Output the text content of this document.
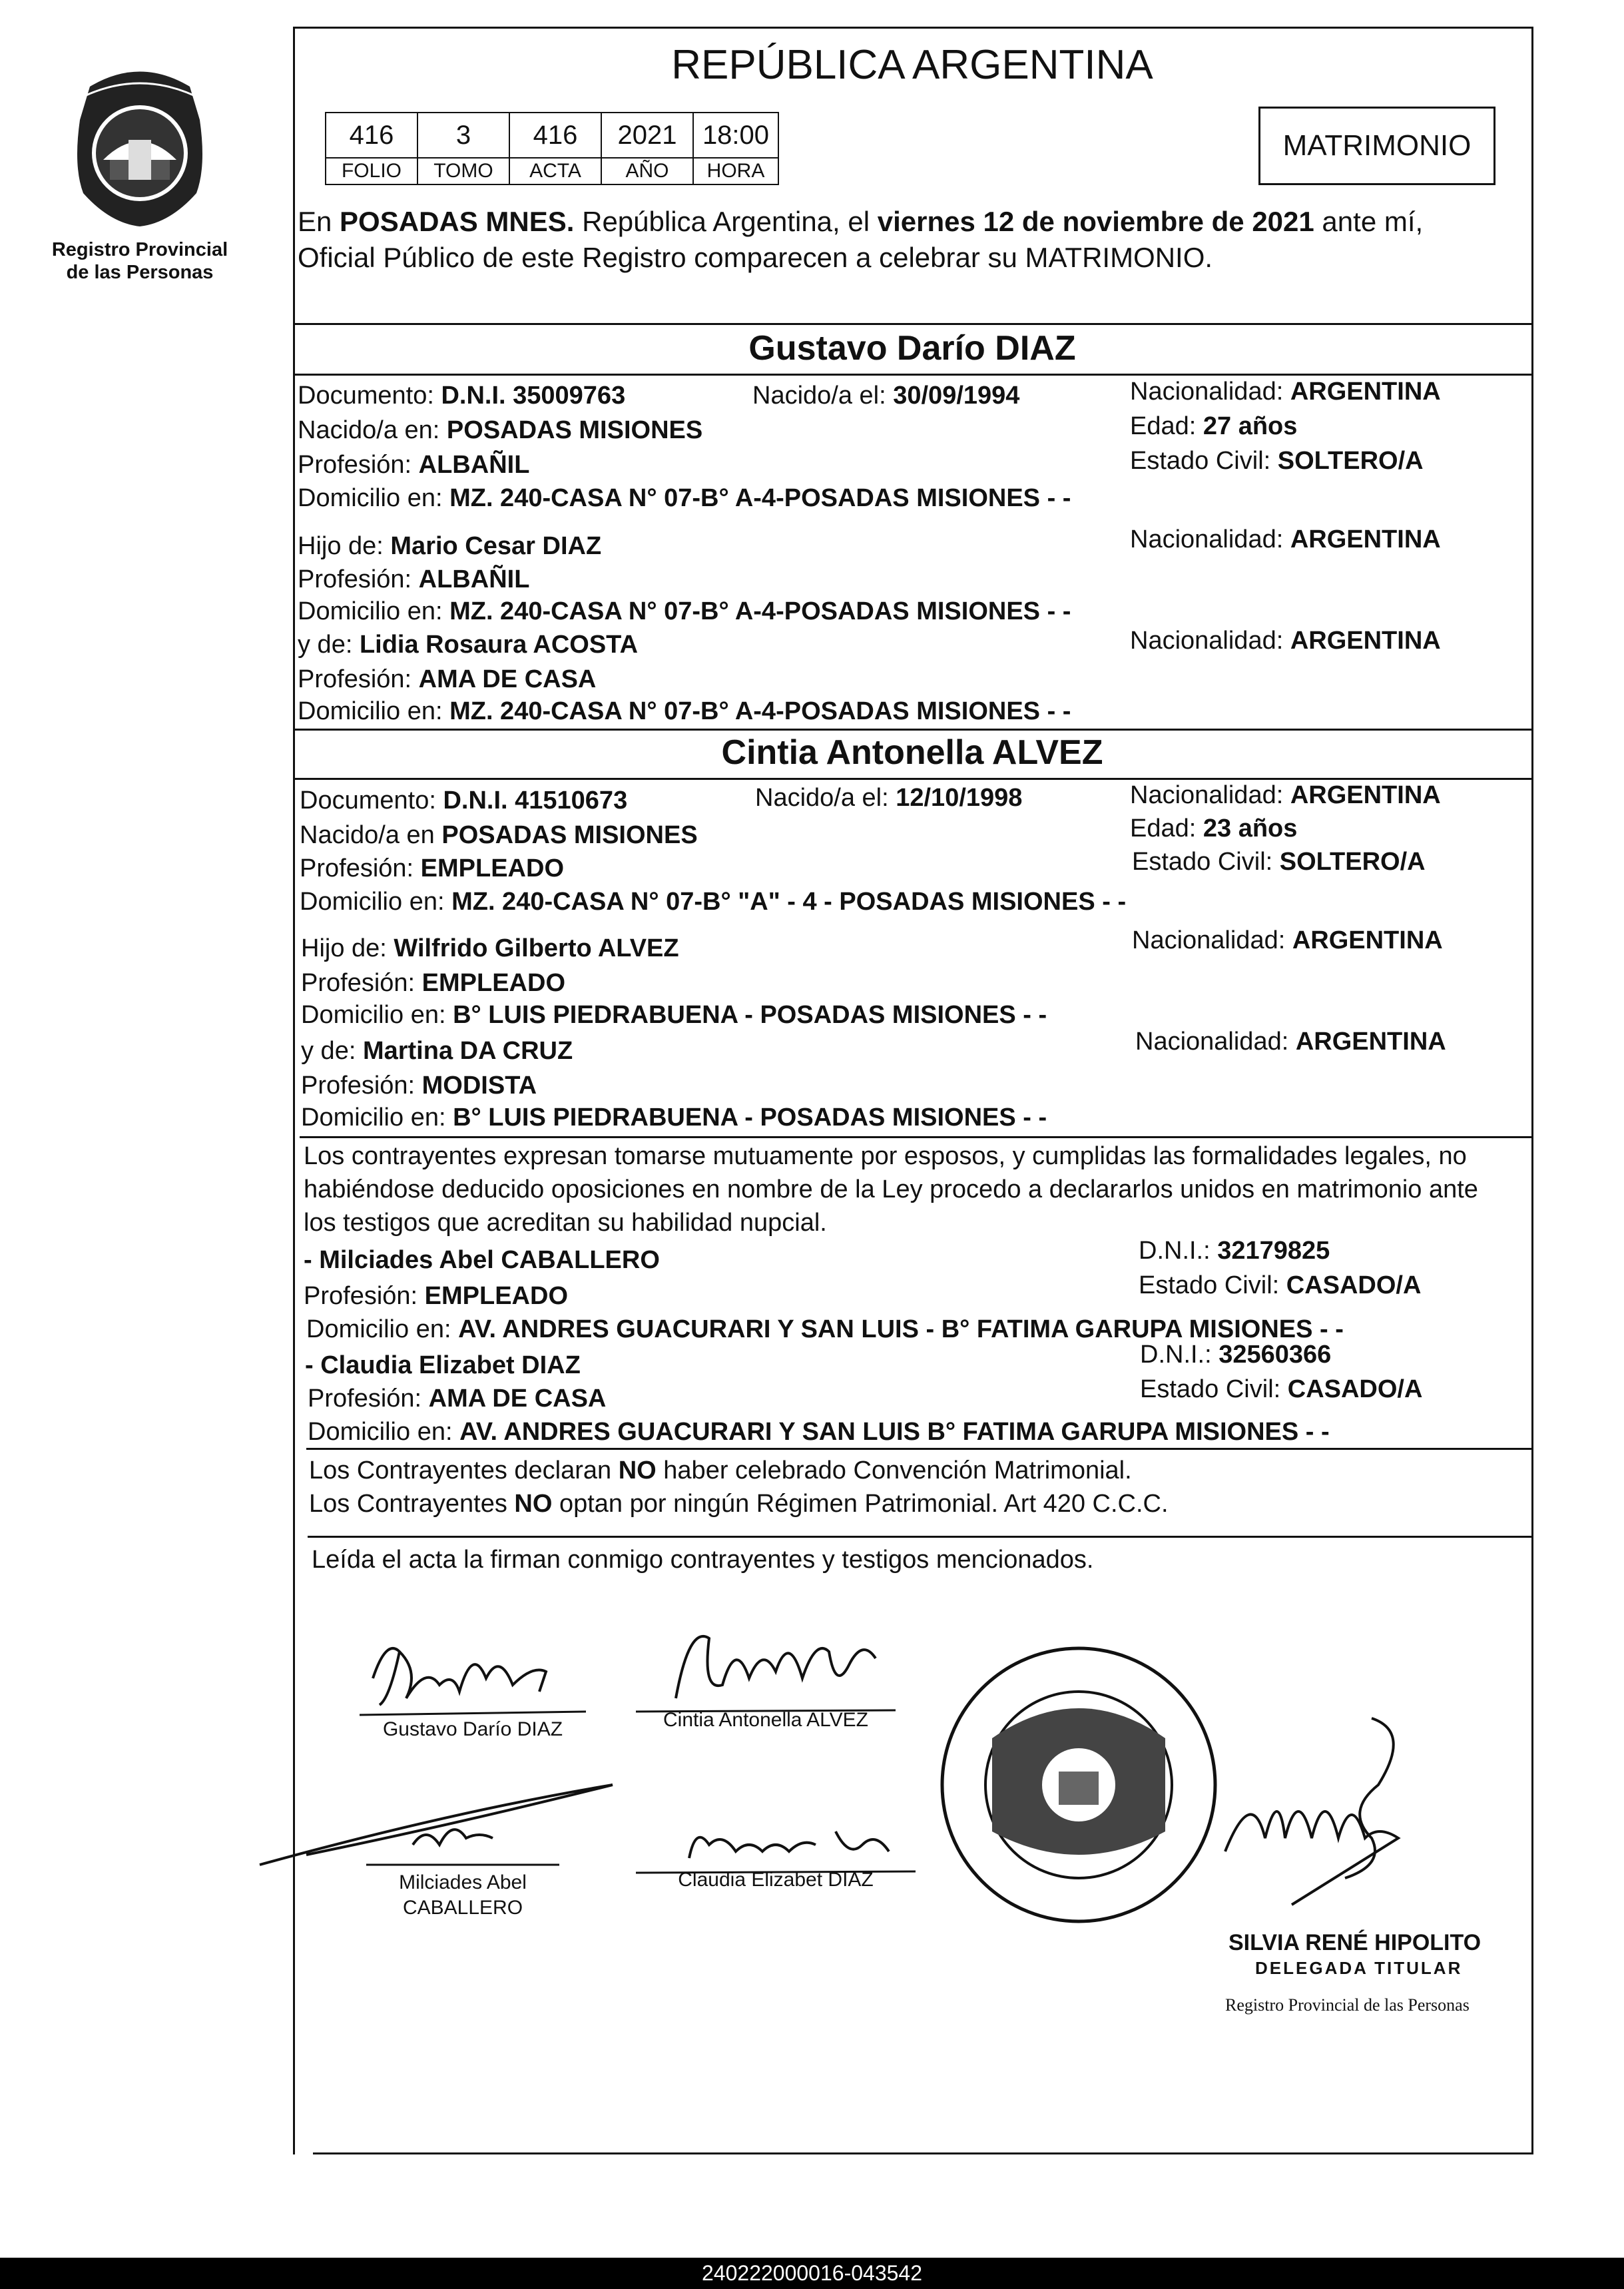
Registro Provincial
de las Personas
REPÚBLICA ARGENTINA
416	3	416	2021	18:00
FOLIO	TOMO	ACTA	AÑO	HORA
MATRIMONIO
En POSADAS MNES. República Argentina, el viernes 12 de noviembre de 2021 ante mí,
Oficial Público de este Registro comparecen a celebrar su MATRIMONIO.
Gustavo Darío DIAZ
Documento: D.N.I. 35009763	Nacido/a el: 30/09/1994	Nacionalidad: ARGENTINA
Nacido/a en: POSADAS MISIONES	Edad: 27 años
Profesión: ALBAÑIL	Estado Civil: SOLTERO/A
Domicilio en: MZ. 240-CASA N° 07-B° A-4-POSADAS MISIONES - -
Hijo de: Mario Cesar DIAZ	Nacionalidad: ARGENTINA
Profesión: ALBAÑIL
Domicilio en: MZ. 240-CASA N° 07-B° A-4-POSADAS MISIONES - -
y de: Lidia Rosaura ACOSTA	Nacionalidad: ARGENTINA
Profesión: AMA DE CASA
Domicilio en: MZ. 240-CASA N° 07-B° A-4-POSADAS MISIONES - -
Cintia Antonella ALVEZ
Documento: D.N.I. 41510673	Nacido/a el: 12/10/1998	Nacionalidad: ARGENTINA
Nacido/a en POSADAS MISIONES	Edad: 23 años
Profesión: EMPLEADO	Estado Civil: SOLTERO/A
Domicilio en: MZ. 240-CASA N° 07-B° "A" - 4 - POSADAS MISIONES - -
Hijo de: Wilfrido Gilberto ALVEZ	Nacionalidad: ARGENTINA
Profesión: EMPLEADO
Domicilio en: B° LUIS PIEDRABUENA - POSADAS MISIONES - -
y de: Martina DA CRUZ	Nacionalidad: ARGENTINA
Profesión: MODISTA
Domicilio en: B° LUIS PIEDRABUENA - POSADAS MISIONES - -
Los contrayentes expresan tomarse mutuamente por esposos, y cumplidas las formalidades legales, no
habiéndose deducido oposiciones en nombre de la Ley procedo a declararlos unidos en matrimonio ante
los testigos que acreditan su habilidad nupcial.
- Milciades Abel CABALLERO	D.N.I.: 32179825
Profesión: EMPLEADO	Estado Civil: CASADO/A
Domicilio en: AV. ANDRES GUACURARI Y SAN LUIS - B° FATIMA GARUPA MISIONES - -
- Claudia Elizabet DIAZ	D.N.I.: 32560366
Profesión: AMA DE CASA	Estado Civil: CASADO/A
Domicilio en: AV. ANDRES GUACURARI Y SAN LUIS B° FATIMA GARUPA MISIONES - -
Los Contrayentes declaran NO haber celebrado Convención Matrimonial.
Los Contrayentes NO optan por ningún Régimen Patrimonial. Art 420 C.C.C.
Leída el acta la firman conmigo contrayentes y testigos mencionados.
Gustavo Darío DIAZ	Cintia Antonella ALVEZ
Milciades Abel
CABALLERO
Claudia Elizabet DIAZ
SILVIA RENÉ HIPOLITO
DELEGADA TITULAR
Registro Provincial de las Personas
240222000016-043542
